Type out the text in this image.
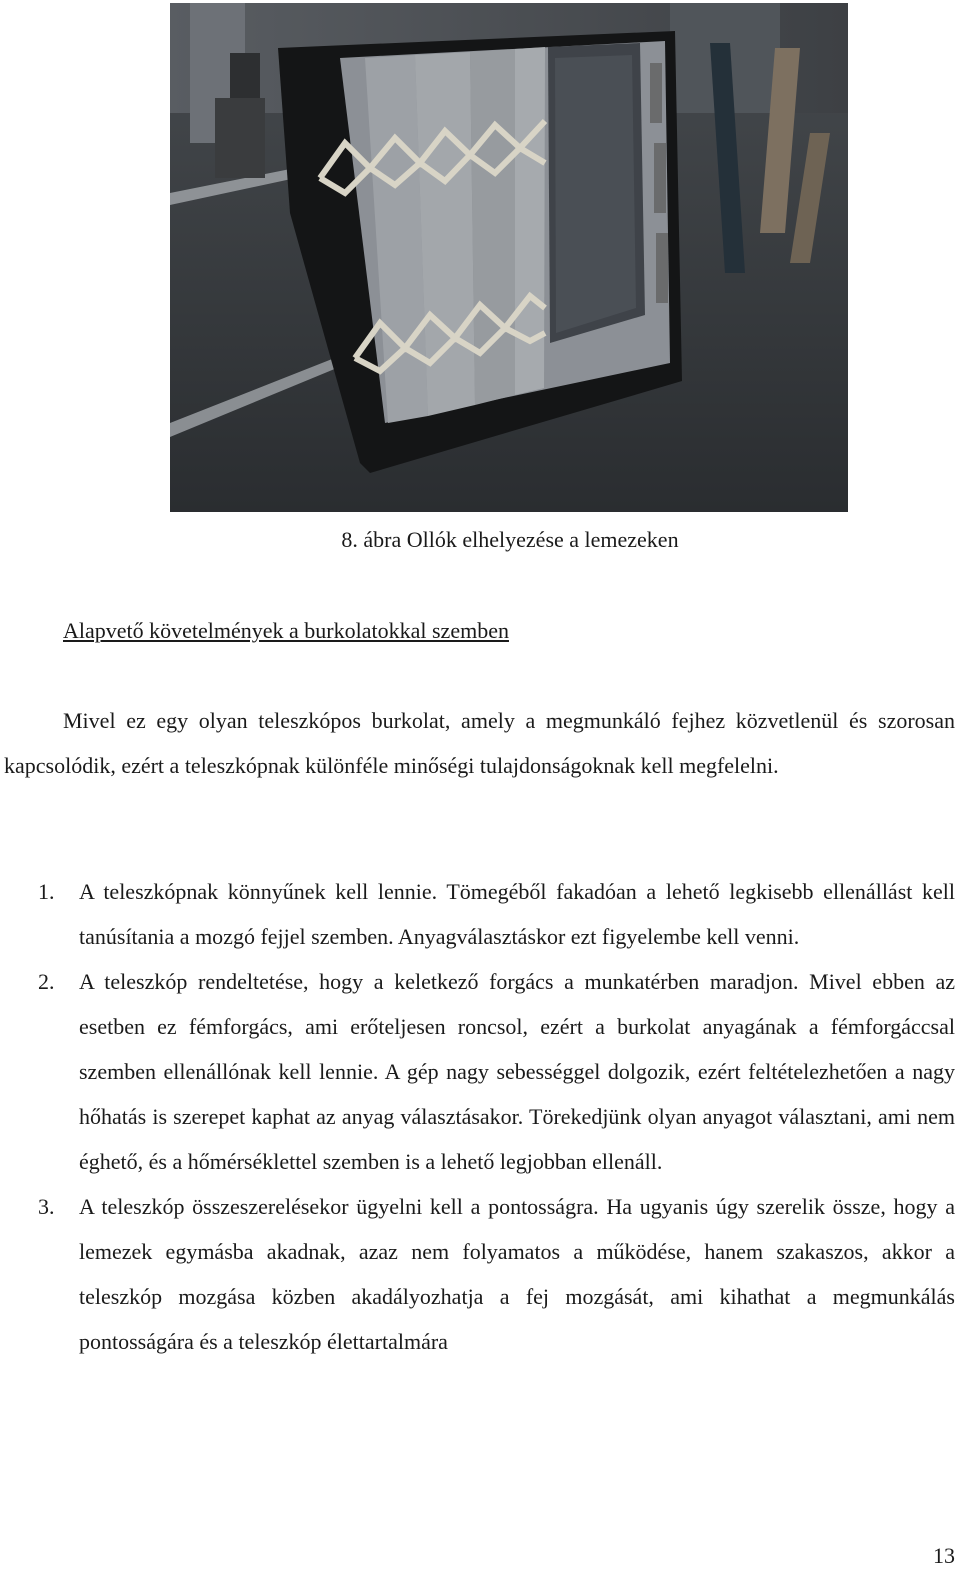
8. ábra Ollók elhelyezése a lemezeken
Alapvető követelmények a burkolatokkal szemben

Mivel ez egy olyan teleszkópos burkolat, amely a megmunkáló fejhez közvetlenül és szorosan kapcsolódik, ezért a teleszkópnak különféle minőségi tulajdonságoknak kell megfelelni.

1. A teleszkópnak könnyűnek kell lennie. Tömegéből fakadóan a lehető legkisebb ellenállást kell tanúsítania a mozgó fejjel szemben. Anyagválasztáskor ezt figyelembe kell venni.
2. A teleszkóp rendeltetése, hogy a keletkező forgács a munkatérben maradjon. Mivel ebben az esetben ez fémforgács, ami erőteljesen roncsol, ezért a burkolat anyagának a fémforgáccsal szemben ellenállónak kell lennie. A gép nagy sebességgel dolgozik, ezért feltételezhetően a nagy hőhatás is szerepet kaphat az anyag választásakor. Törekedjünk olyan anyagot választani, ami nem éghető, és a hőmérséklettel szemben is a lehető legjobban ellenáll.
3. A teleszkóp összeszerelésekor ügyelni kell a pontosságra. Ha ugyanis úgy szerelik össze, hogy a lemezek egymásba akadnak, azaz nem folyamatos a működése, hanem szakaszos, akkor a teleszkóp mozgása közben akadályozhatja a fej mozgását, ami kihathat a megmunkálás pontosságára és a teleszkóp élettartalmára
13
